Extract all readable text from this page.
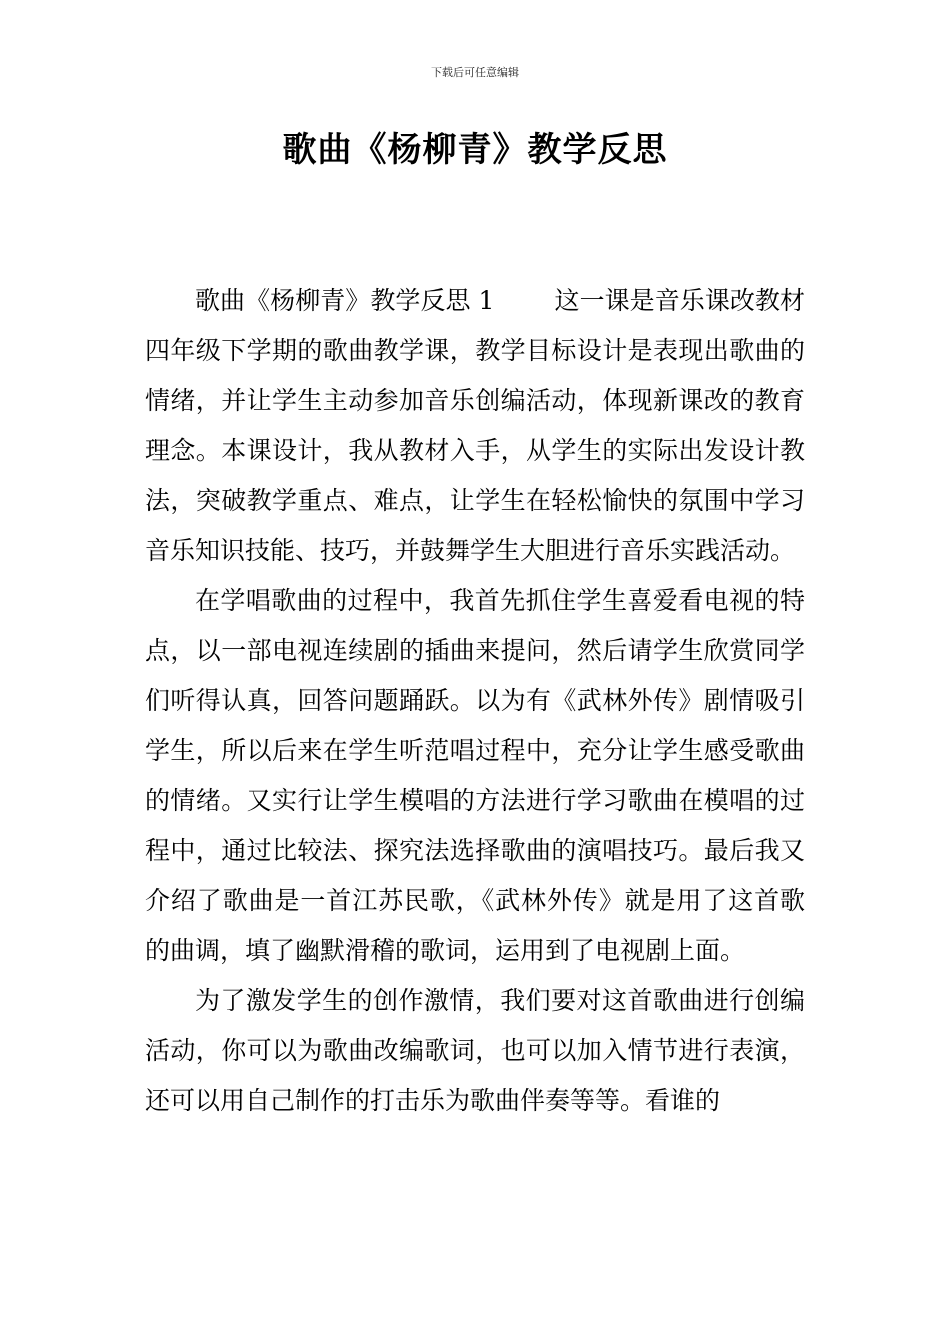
下载后可任意编辑
歌曲《杨柳青》教学反思

歌曲《杨柳青》教学反思 1 这一课是音乐课改教材四年级下学期的歌曲教学课，教学目标设计是表现出歌曲的情绪，并让学生主动参加音乐创编活动，体现新课改的教育理念。本课设计，我从教材入手，从学生的实际出发设计教法，突破教学重点、难点，让学生在轻松愉快的氛围中学习音乐知识技能、技巧，并鼓舞学生大胆进行音乐实践活动。

在学唱歌曲的过程中，我首先抓住学生喜爱看电视的特点，以一部电视连续剧的插曲来提问，然后请学生欣赏同学们听得认真，回答问题踊跃。以为有《武林外传》剧情吸引学生，所以后来在学生听范唱过程中，充分让学生感受歌曲的情绪。又实行让学生模唱的方法进行学习歌曲在模唱的过程中，通过比较法、探究法选择歌曲的演唱技巧。最后我又介绍了歌曲是一首江苏民歌，《武林外传》就是用了这首歌的曲调，填了幽默滑稽的歌词，运用到了电视剧上面。

为了激发学生的创作激情，我们要对这首歌曲进行创编活动，你可以为歌曲改编歌词，也可以加入情节进行表演，还可以用自己制作的打击乐为歌曲伴奏等等。看谁的
